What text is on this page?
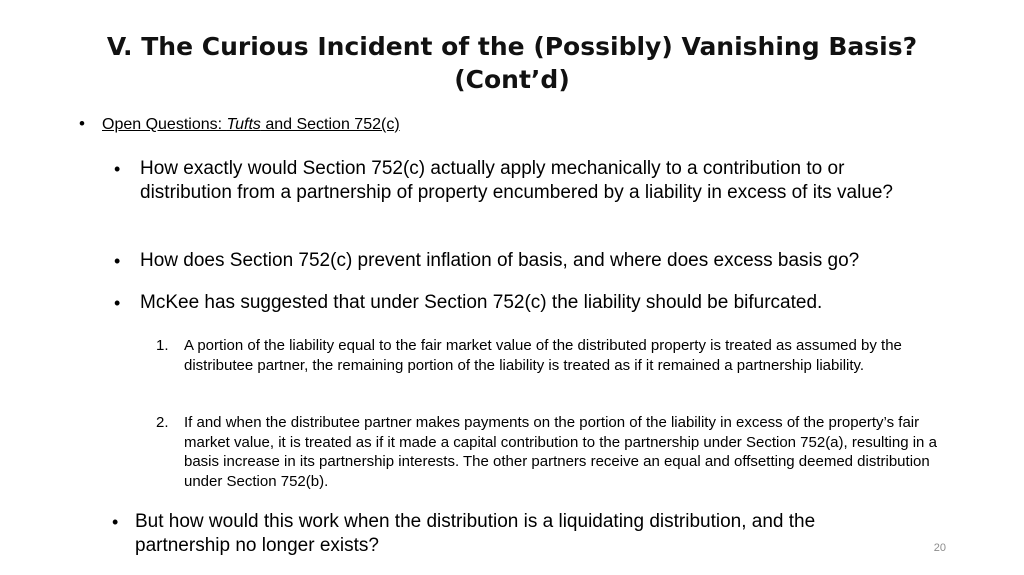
V. The Curious Incident of the (Possibly) Vanishing Basis?
(Cont’d)
• Open Questions: Tufts and Section 752(c)
• How exactly would Section 752(c) actually apply mechanically to a contribution to or distribution from a partnership of property encumbered by a liability in excess of its value?
• How does Section 752(c) prevent inflation of basis, and where does excess basis go?
• McKee has suggested that under Section 752(c) the liability should be bifurcated.
1. A portion of the liability equal to the fair market value of the distributed property is treated as assumed by the distributee partner, the remaining portion of the liability is treated as if it remained a partnership liability.
2. If and when the distributee partner makes payments on the portion of the liability in excess of the property’s fair market value, it is treated as if it made a capital contribution to the partnership under Section 752(a), resulting in a basis increase in its partnership interests. The other partners receive an equal and offsetting deemed distribution under Section 752(b).
• But how would this work when the distribution is a liquidating distribution, and the partnership no longer exists?	20
